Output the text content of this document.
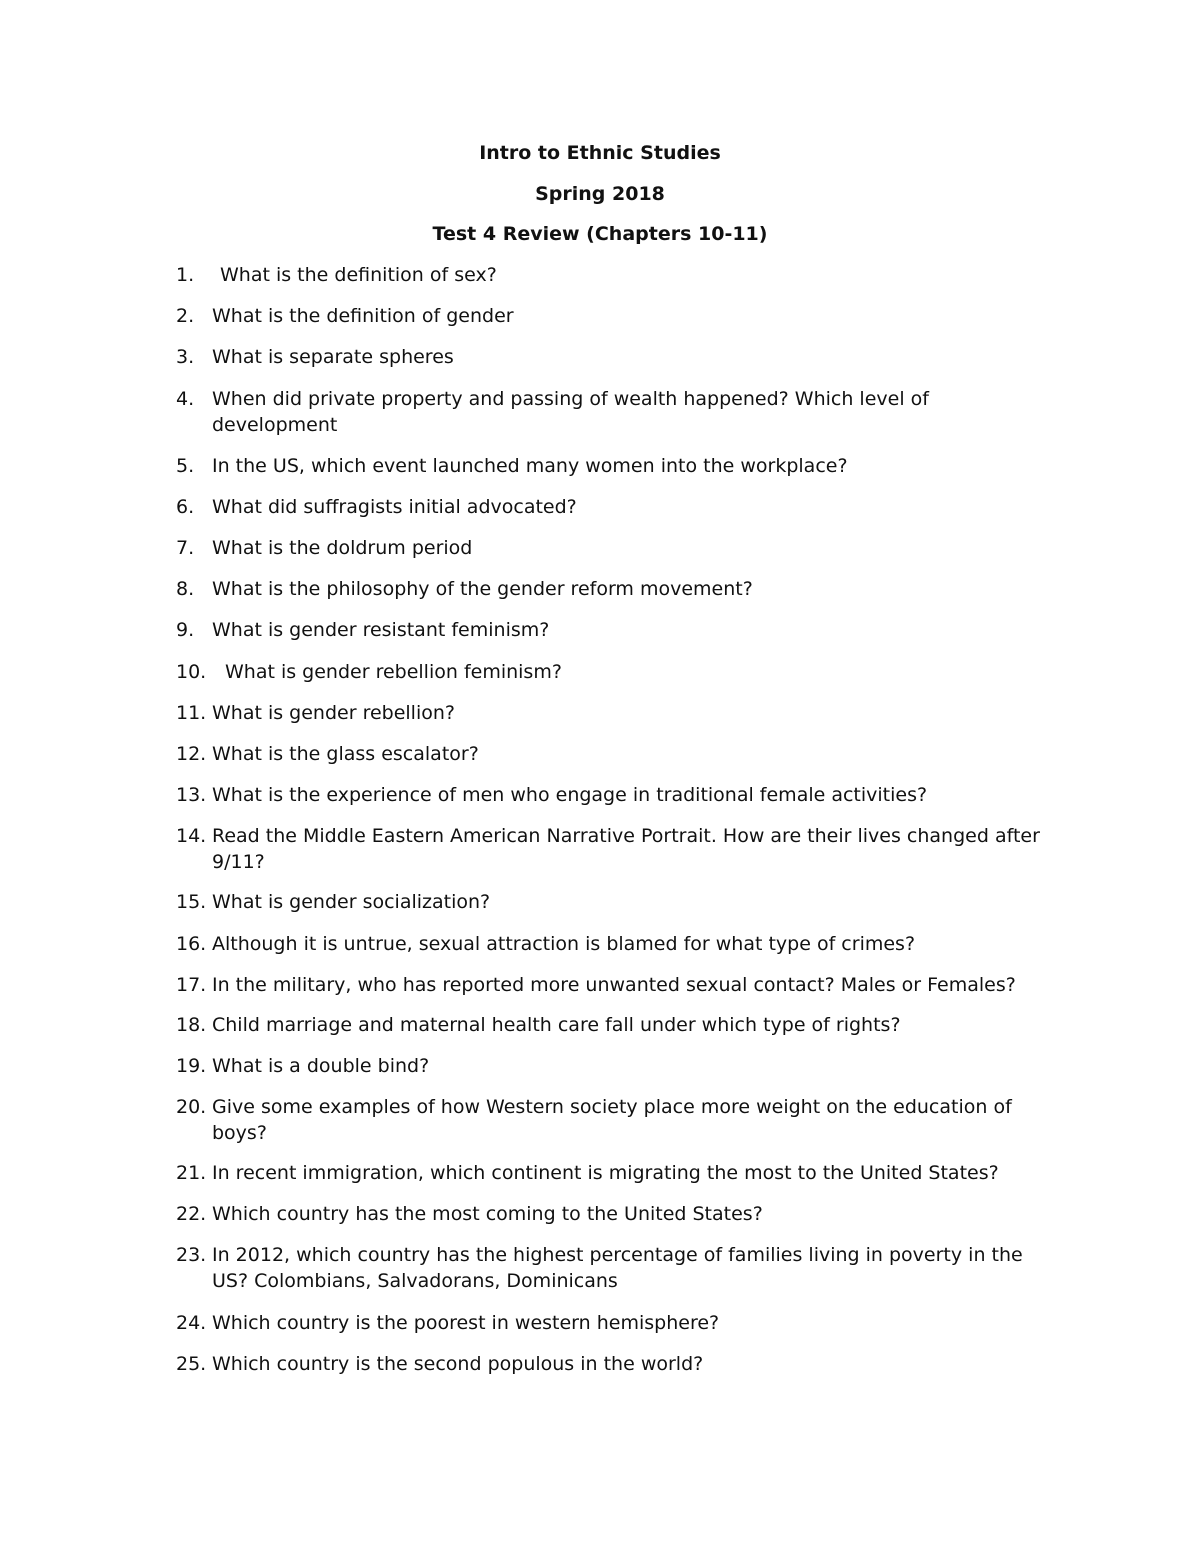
Intro to Ethnic Studies
Spring 2018
Test 4 Review (Chapters 10-11)
1.	What is the definition of sex?
2. What is the definition of gender
3. What is separate spheres
4. When did private property and passing of wealth happened? Which level of development
5. In the US, which event launched many women into the workplace?
6. What did suffragists initial advocated?
7. What is the doldrum period
8. What is the philosophy of the gender reform movement?
9. What is gender resistant feminism?
10. What is gender rebellion feminism?
11. What is gender rebellion?
12. What is the glass escalator?
13. What is the experience of men who engage in traditional female activities?
14. Read the Middle Eastern American Narrative Portrait. How are their lives changed after 9/11?
15. What is gender socialization?
16. Although it is untrue, sexual attraction is blamed for what type of crimes?
17. In the military, who has reported more unwanted sexual contact? Males or Females?
18. Child marriage and maternal health care fall under which type of rights?
19. What is a double bind?
20. Give some examples of how Western society place more weight on the education of boys?
21. In recent immigration, which continent is migrating the most to the United States?
22. Which country has the most coming to the United States?
23. In 2012, which country has the highest percentage of families living in poverty in the US? Colombians, Salvadorans, Dominicans
24. Which country is the poorest in western hemisphere?
25. Which country is the second populous in the world?
